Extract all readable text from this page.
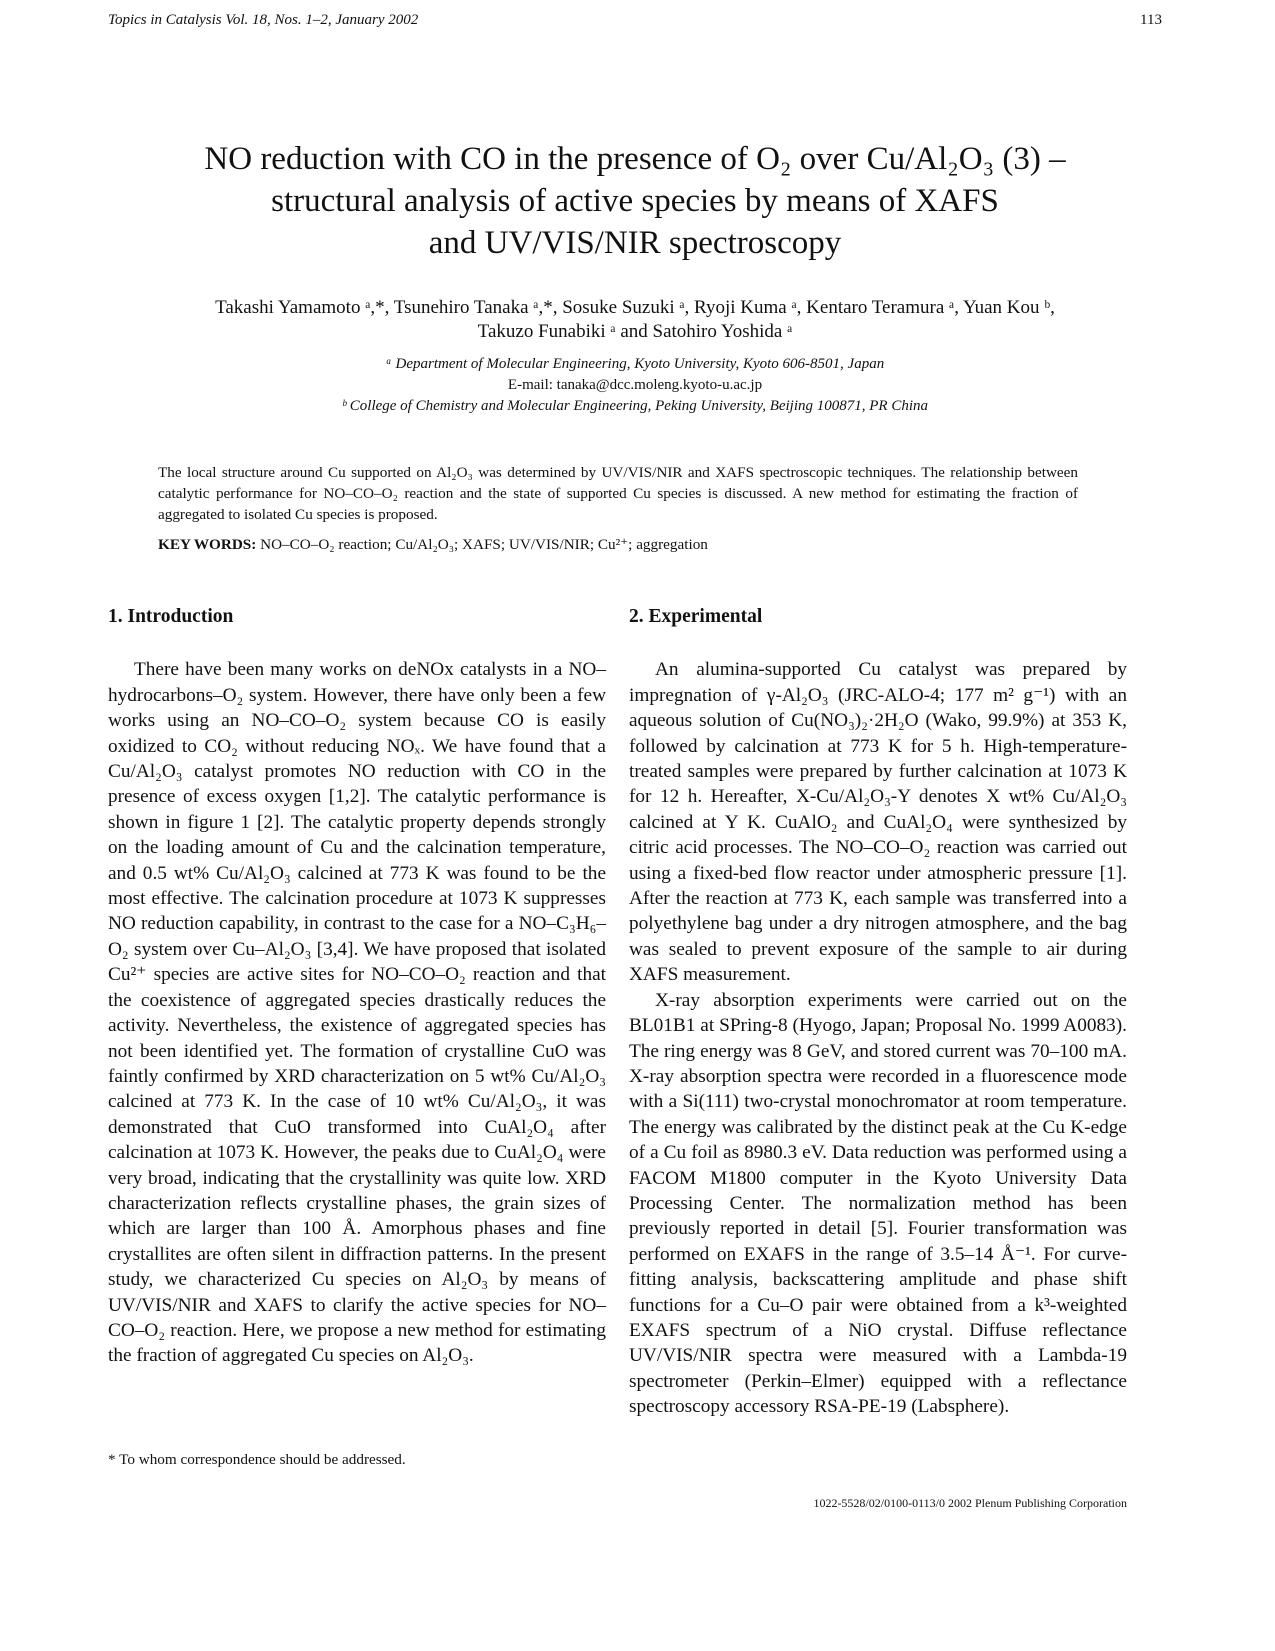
Topics in Catalysis Vol. 18, Nos. 1–2, January 2002	113
NO reduction with CO in the presence of O₂ over Cu/Al₂O₃ (3) –
structural analysis of active species by means of XAFS
and UV/VIS/NIR spectroscopy
Takashi Yamamoto ᵃ,*, Tsunehiro Tanaka ᵃ,*, Sosuke Suzuki ᵃ, Ryoji Kuma ᵃ, Kentaro Teramura ᵃ, Yuan Kou ᵇ,
Takuzo Funabiki ᵃ and Satohiro Yoshida ᵃ
ᵃ Department of Molecular Engineering, Kyoto University, Kyoto 606-8501, Japan
E-mail: tanaka@dcc.moleng.kyoto-u.ac.jp
ᵇ College of Chemistry and Molecular Engineering, Peking University, Beijing 100871, PR China
The local structure around Cu supported on Al₂O₃ was determined by UV/VIS/NIR and XAFS spectroscopic techniques. The relationship between catalytic performance for NO–CO–O₂ reaction and the state of supported Cu species is discussed. A new method for estimating the fraction of aggregated to isolated Cu species is proposed.
KEY WORDS: NO–CO–O₂ reaction; Cu/Al₂O₃; XAFS; UV/VIS/NIR; Cu²⁺; aggregation
1. Introduction

There have been many works on deNOx catalysts in a NO–hydrocarbons–O₂ system. However, there have only been a few works using an NO–CO–O₂ system because CO is easily oxidized to CO₂ without reducing NOₓ. We have found that a Cu/Al₂O₃ catalyst promotes NO reduction with CO in the presence of excess oxygen [1,2]. The catalytic performance is shown in figure 1 [2]. The catalytic property depends strongly on the loading amount of Cu and the calcination temperature, and 0.5 wt% Cu/Al₂O₃ calcined at 773 K was found to be the most effective. The calcination procedure at 1073 K suppresses NO reduction capability, in contrast to the case for a NO–C₃H₆–O₂ system over Cu–Al₂O₃ [3,4]. We have proposed that isolated Cu²⁺ species are active sites for NO–CO–O₂ reaction and that the coexistence of aggregated species drastically reduces the activity. Nevertheless, the existence of aggregated species has not been identified yet. The formation of crystalline CuO was faintly confirmed by XRD characterization on 5 wt% Cu/Al₂O₃ calcined at 773 K. In the case of 10 wt% Cu/Al₂O₃, it was demonstrated that CuO transformed into CuAl₂O₄ after calcination at 1073 K. However, the peaks due to CuAl₂O₄ were very broad, indicating that the crystallinity was quite low. XRD characterization reflects crystalline phases, the grain sizes of which are larger than 100 Å. Amorphous phases and fine crystallites are often silent in diffraction patterns. In the present study, we characterized Cu species on Al₂O₃ by means of UV/VIS/NIR and XAFS to clarify the active species for NO–CO–O₂ reaction. Here, we propose a new method for estimating the fraction of aggregated Cu species on Al₂O₃.

2. Experimental

An alumina-supported Cu catalyst was prepared by impregnation of γ-Al₂O₃ (JRC-ALO-4; 177 m² g⁻¹) with an aqueous solution of Cu(NO₃)₂·2H₂O (Wako, 99.9%) at 353 K, followed by calcination at 773 K for 5 h. High-temperature-treated samples were prepared by further calcination at 1073 K for 12 h. Hereafter, X-Cu/Al₂O₃-Y denotes X wt% Cu/Al₂O₃ calcined at Y K. CuAlO₂ and CuAl₂O₄ were synthesized by citric acid processes. The NO–CO–O₂ reaction was carried out using a fixed-bed flow reactor under atmospheric pressure [1]. After the reaction at 773 K, each sample was transferred into a polyethylene bag under a dry nitrogen atmosphere, and the bag was sealed to prevent exposure of the sample to air during XAFS measurement.

X-ray absorption experiments were carried out on the BL01B1 at SPring-8 (Hyogo, Japan; Proposal No. 1999 A0083). The ring energy was 8 GeV, and stored current was 70–100 mA. X-ray absorption spectra were recorded in a fluorescence mode with a Si(111) two-crystal monochromator at room temperature. The energy was calibrated by the distinct peak at the Cu K-edge of a Cu foil as 8980.3 eV. Data reduction was performed using a FACOM M1800 computer in the Kyoto University Data Processing Center. The normalization method has been previously reported in detail [5]. Fourier transformation was performed on EXAFS in the range of 3.5–14 Å⁻¹. For curve-fitting analysis, backscattering amplitude and phase shift functions for a Cu–O pair were obtained from a k³-weighted EXAFS spectrum of a NiO crystal. Diffuse reflectance UV/VIS/NIR spectra were measured with a Lambda-19 spectrometer (Perkin–Elmer) equipped with a reflectance spectroscopy accessory RSA-PE-19 (Labsphere).

* To whom correspondence should be addressed.
1022-5528/02/0100-0113/0 2002 Plenum Publishing Corporation
